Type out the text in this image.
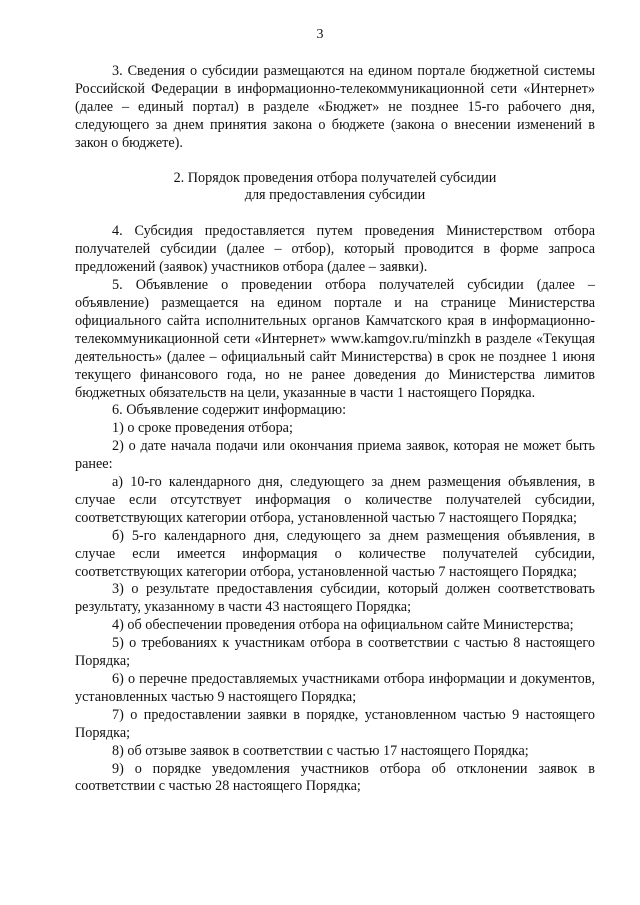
3

3. Сведения о субсидии размещаются на едином портале бюджетной системы Российской Федерации в информационно-телекоммуникационной сети «Интернет» (далее – единый портал) в разделе «Бюджет» не позднее 15-го рабочего дня, следующего за днем принятия закона о бюджете (закона о внесении изменений в закон о бюджете).

2. Порядок проведения отбора получателей субсидии

для предоставления субсидии

4. Субсидия предоставляется путем проведения Министерством отбора получателей субсидии (далее – отбор), который проводится в форме запроса предложений (заявок) участников отбора (далее – заявки).

5. Объявление о проведении отбора получателей субсидии (далее – объявление) размещается на едином портале и на странице Министерства официального сайта исполнительных органов Камчатского края в информационно-телекоммуникационной сети «Интернет» www.kamgov.ru/minzkh в разделе «Текущая деятельность» (далее – официальный сайт Министерства) в срок не позднее 1 июня текущего финансового года, но не ранее доведения до Министерства лимитов бюджетных обязательств на цели, указанные в части 1 настоящего Порядка.

6. Объявление содержит информацию:

1) о сроке проведения отбора;

2) о дате начала подачи или окончания приема заявок, которая не может быть ранее:

а) 10-го календарного дня, следующего за днем размещения объявления, в случае если отсутствует информация о количестве получателей субсидии, соответствующих категории отбора, установленной частью 7 настоящего Порядка;

б) 5-го календарного дня, следующего за днем размещения объявления, в случае если имеется информация о количестве получателей субсидии, соответствующих категории отбора, установленной частью 7 настоящего Порядка;

3) о результате предоставления субсидии, который должен соответствовать результату, указанному в части 43 настоящего Порядка;

4) об обеспечении проведения отбора на официальном сайте Министерства;

5) о требованиях к участникам отбора в соответствии с частью 8 настоящего Порядка;

6) о перечне предоставляемых участниками отбора информации и документов, установленных частью 9 настоящего Порядка;

7) о предоставлении заявки в порядке, установленном частью 9 настоящего Порядка;

8) об отзыве заявок в соответствии с частью 17 настоящего Порядка;

9) о порядке уведомления участников отбора об отклонении заявок в соответствии с частью 28 настоящего Порядка;
